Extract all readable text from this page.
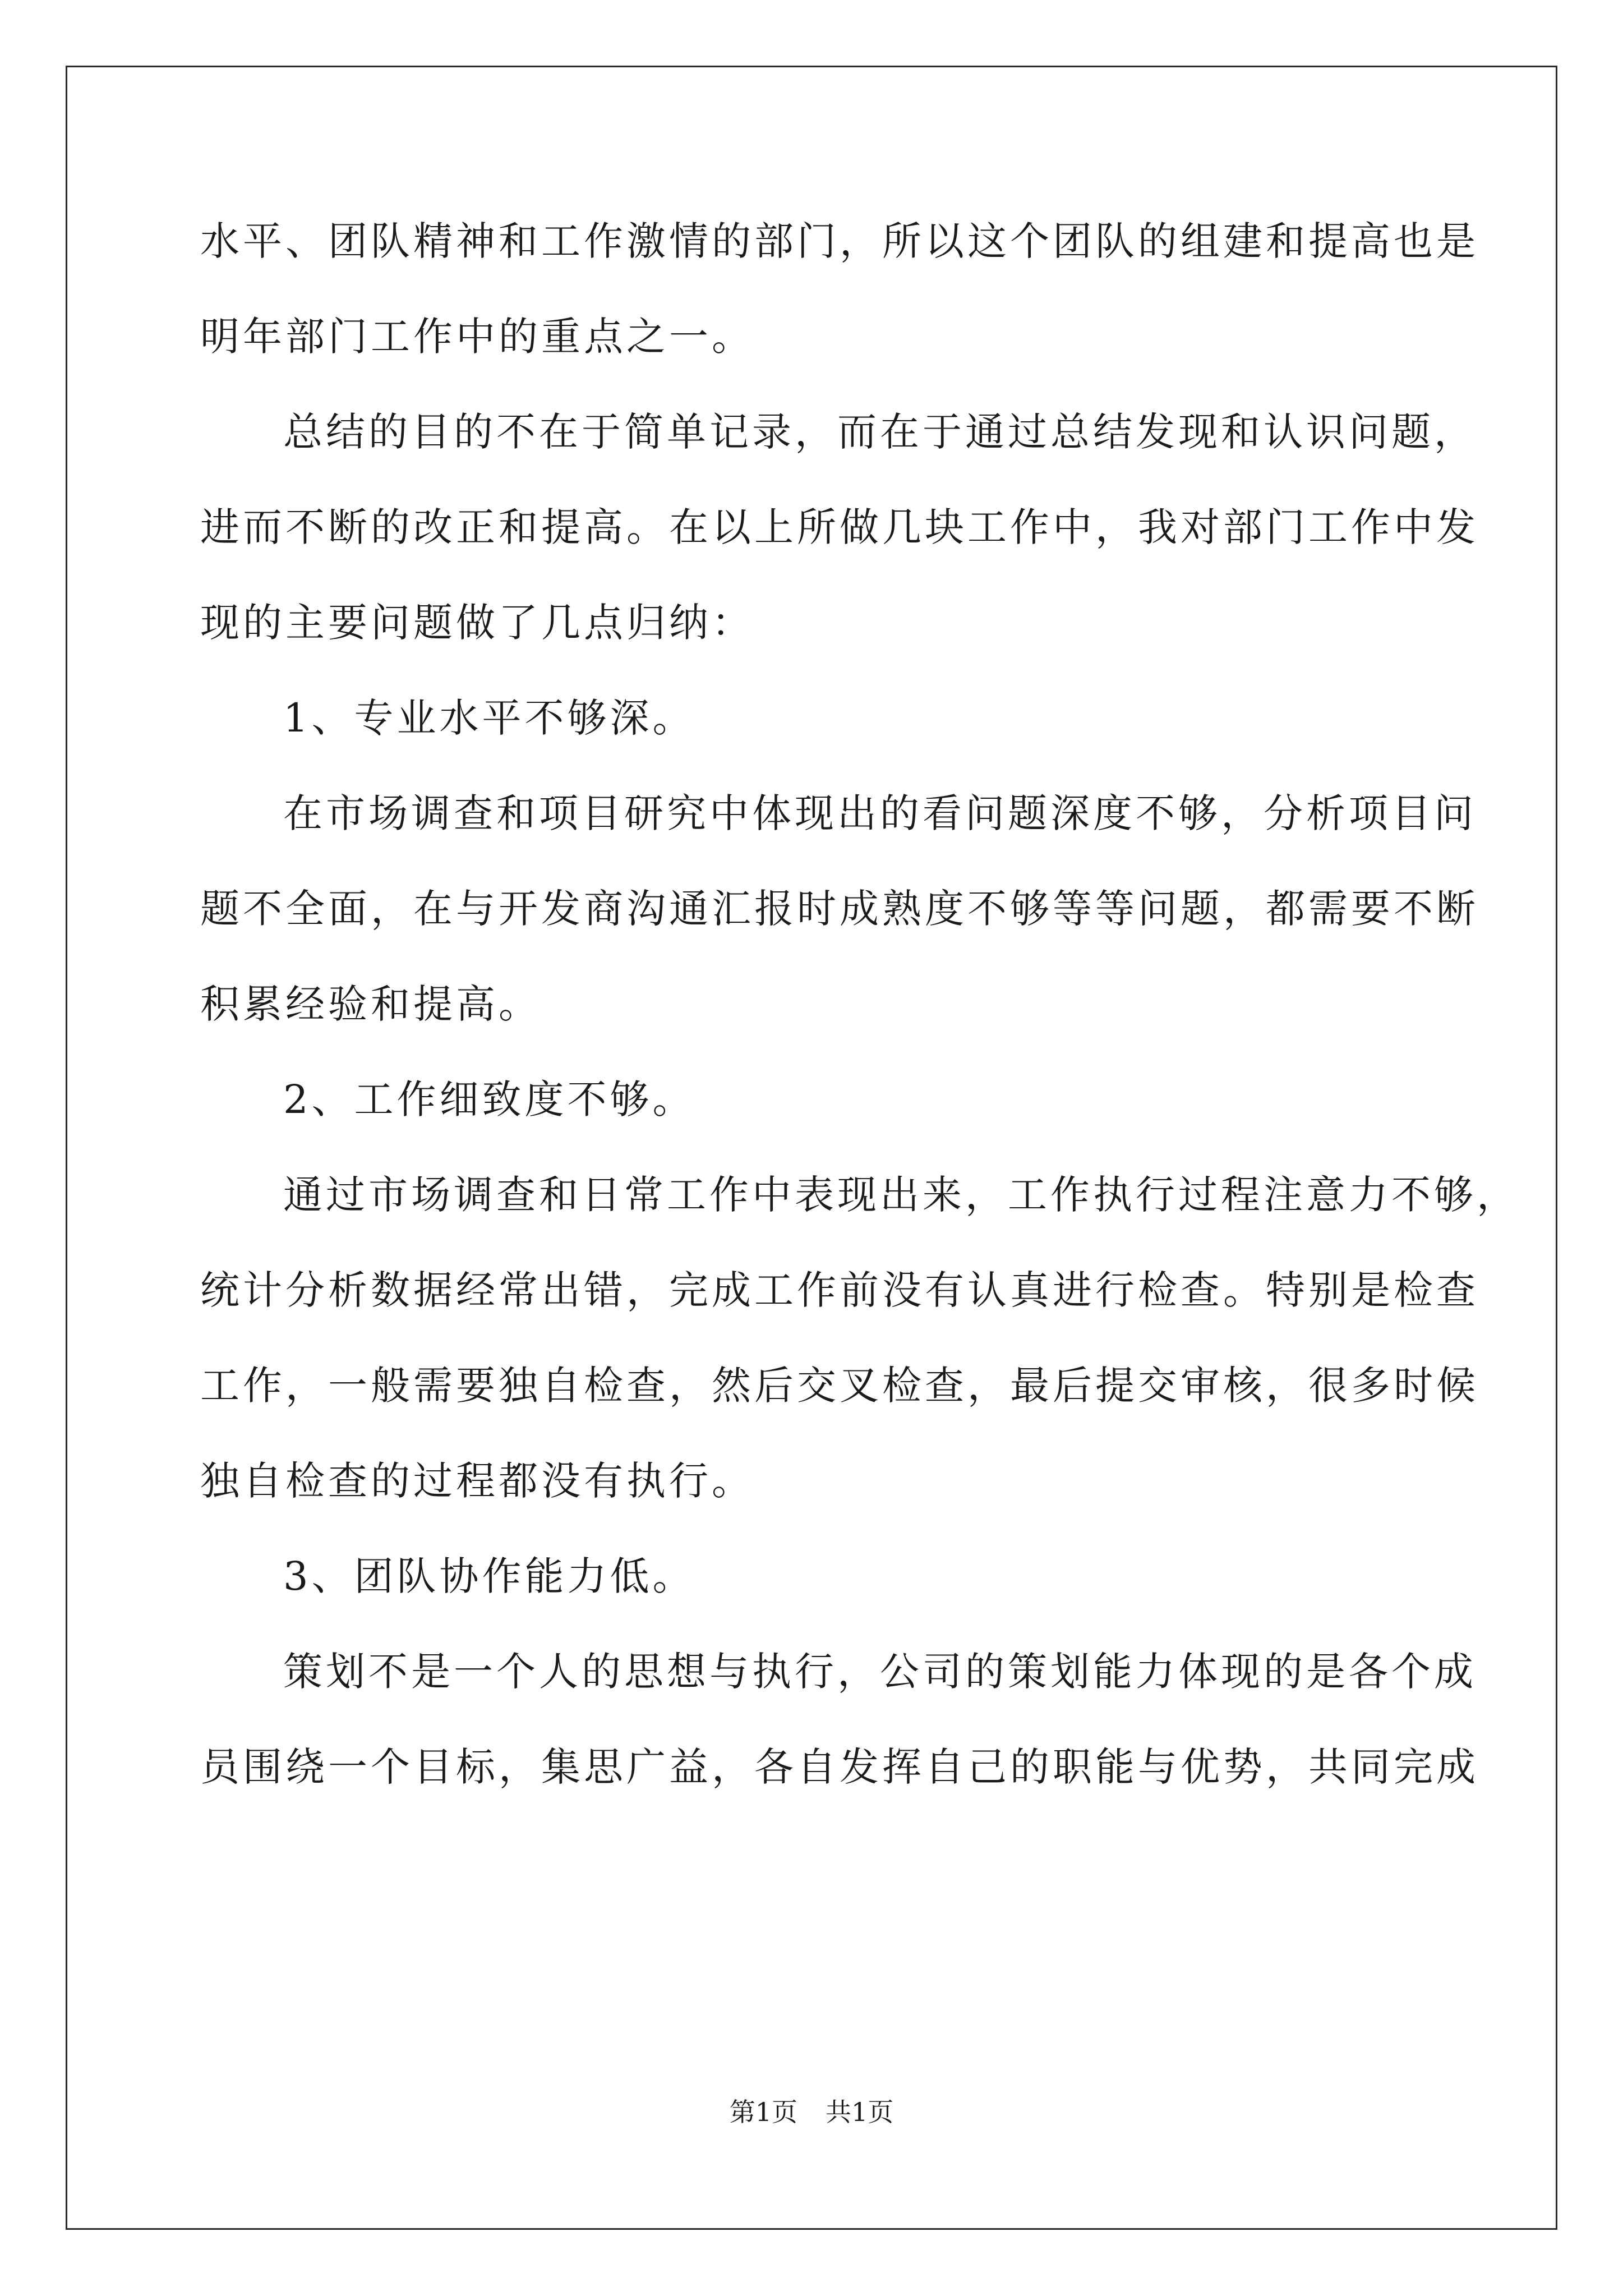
水平、团队精神和工作激情的部门，所以这个团队的组建和提高也是
明年部门工作中的重点之一。
总结的目的不在于简单记录，而在于通过总结发现和认识问题，
进而不断的改正和提高。在以上所做几块工作中，我对部门工作中发
现的主要问题做了几点归纳：
1、专业水平不够深。
在市场调查和项目研究中体现出的看问题深度不够，分析项目问
题不全面，在与开发商沟通汇报时成熟度不够等等问题，都需要不断
积累经验和提高。
2、工作细致度不够。
通过市场调查和日常工作中表现出来，工作执行过程注意力不够，
统计分析数据经常出错，完成工作前没有认真进行检查。特别是检查
工作，一般需要独自检查，然后交叉检查，最后提交审核，很多时候
独自检查的过程都没有执行。
3、团队协作能力低。
策划不是一个人的思想与执行，公司的策划能力体现的是各个成
员围绕一个目标，集思广益，各自发挥自己的职能与优势，共同完成
第1页 共1页
